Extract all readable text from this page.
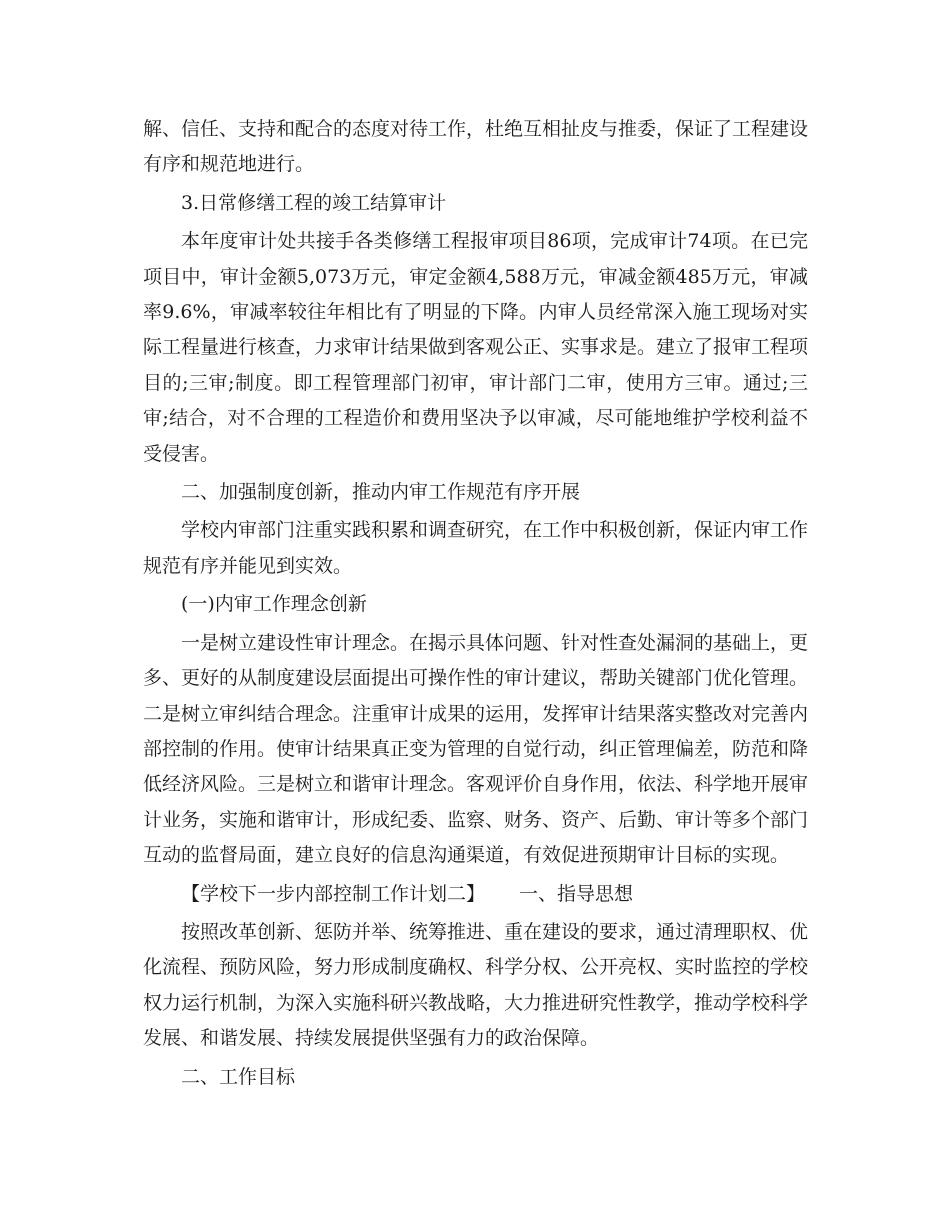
解、信任、支持和配合的态度对待工作，杜绝互相扯皮与推委，保证了工程建设有序和规范地进行。

3.日常修缮工程的竣工结算审计

本年度审计处共接手各类修缮工程报审项目86项，完成审计74项。在已完项目中，审计金额5,073万元，审定金额4,588万元，审减金额485万元，审减率9.6%，审减率较往年相比有了明显的下降。内审人员经常深入施工现场对实际工程量进行核查，力求审计结果做到客观公正、实事求是。建立了报审工程项目的;三审;制度。即工程管理部门初审，审计部门二审，使用方三审。通过;三审;结合，对不合理的工程造价和费用坚决予以审减，尽可能地维护学校利益不受侵害。

二、加强制度创新，推动内审工作规范有序开展

学校内审部门注重实践积累和调查研究，在工作中积极创新，保证内审工作规范有序并能见到实效。

(一)内审工作理念创新

一是树立建设性审计理念。在揭示具体问题、针对性查处漏洞的基础上，更多、更好的从制度建设层面提出可操作性的审计建议，帮助关键部门优化管理。二是树立审纠结合理念。注重审计成果的运用，发挥审计结果落实整改对完善内部控制的作用。使审计结果真正变为管理的自觉行动，纠正管理偏差，防范和降低经济风险。三是树立和谐审计理念。客观评价自身作用，依法、科学地开展审计业务，实施和谐审计，形成纪委、监察、财务、资产、后勤、审计等多个部门互动的监督局面，建立良好的信息沟通渠道，有效促进预期审计目标的实现。

【学校下一步内部控制工作计划二】 一、指导思想

按照改革创新、惩防并举、统筹推进、重在建设的要求，通过清理职权、优化流程、预防风险，努力形成制度确权、科学分权、公开亮权、实时监控的学校权力运行机制，为深入实施科研兴教战略，大力推进研究性教学，推动学校科学发展、和谐发展、持续发展提供坚强有力的政治保障。

二、工作目标
